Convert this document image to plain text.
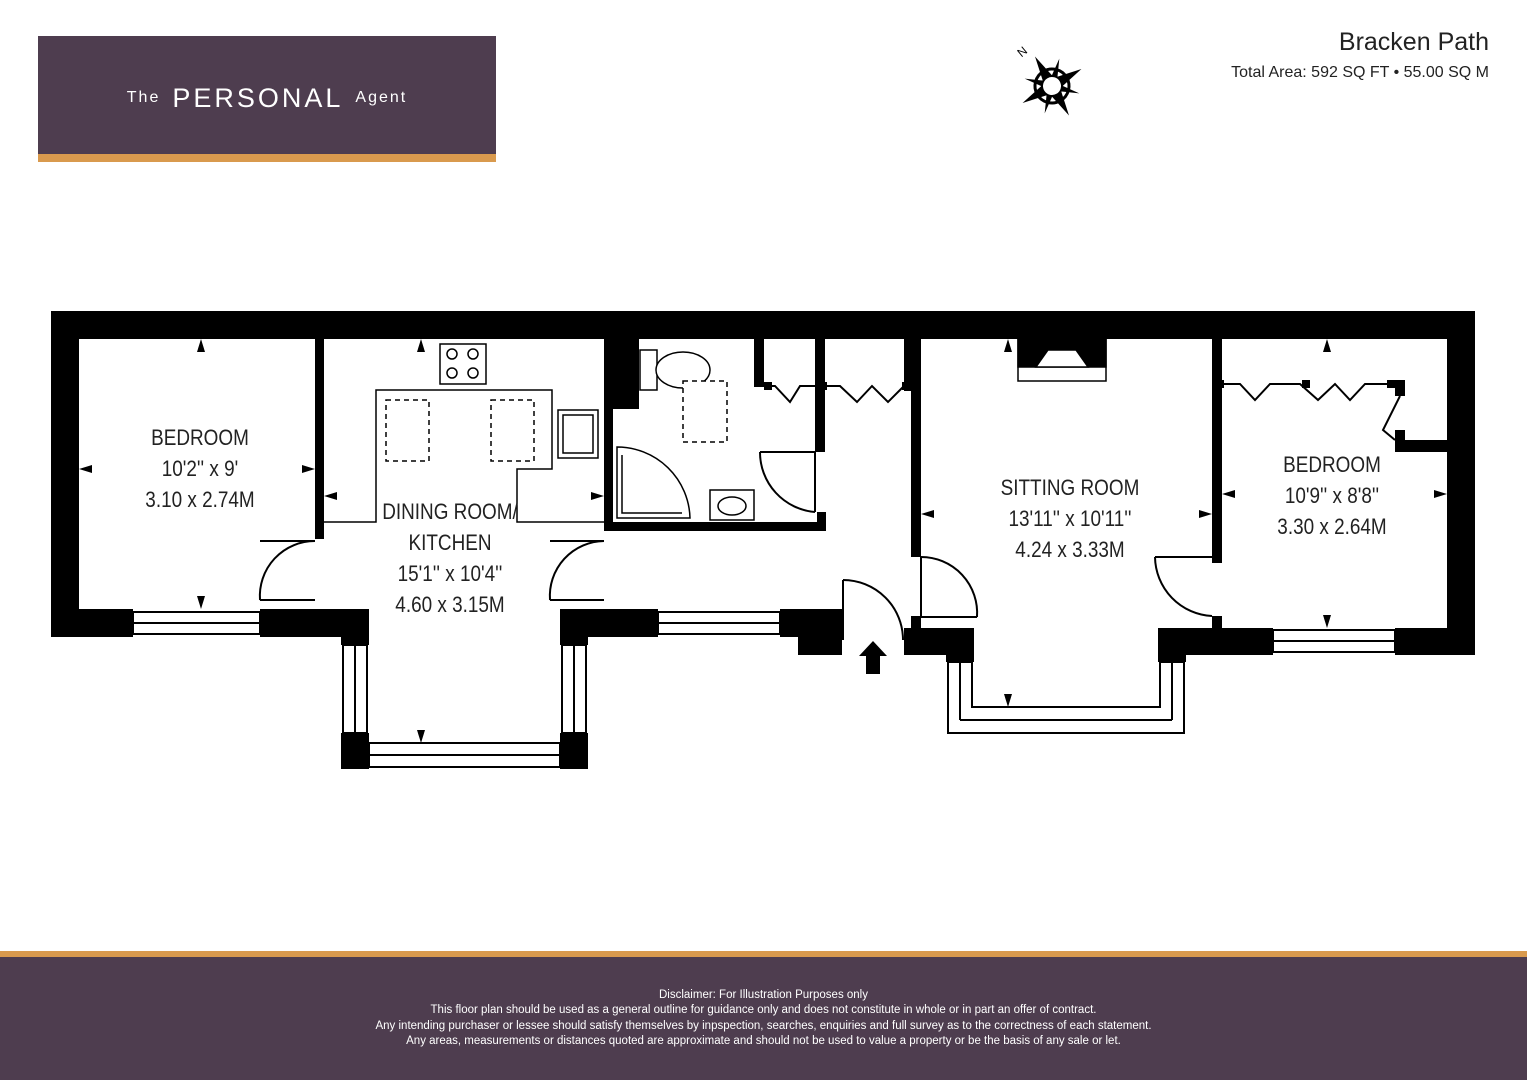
The PERSONAL Agent
N	Bracken Path
Total Area: 592 SQ FT • 55.00 SQ M
BEDROOM
10'2'' x 9'
3.10 x 2.74M	DINING ROOM/
KITCHEN
15'1'' x 10'4''
4.60 x 3.15M
SITTING ROOM
13'11'' x 10'11''
4.24 x 3.33M
BEDROOM
10'9'' x 8'8''
3.30 x 2.64M
Disclaimer: For Illustration Purposes only
This floor plan should be used as a general outline for guidance only and does not constitute in whole or in part an offer of contract.
Any intending purchaser or lessee should satisfy themselves by inpspection, searches, enquiries and full survey as to the correctness of each statement.
Any areas, measurements or distances quoted are approximate and should not be used to value a property or be the basis of any sale or let.
